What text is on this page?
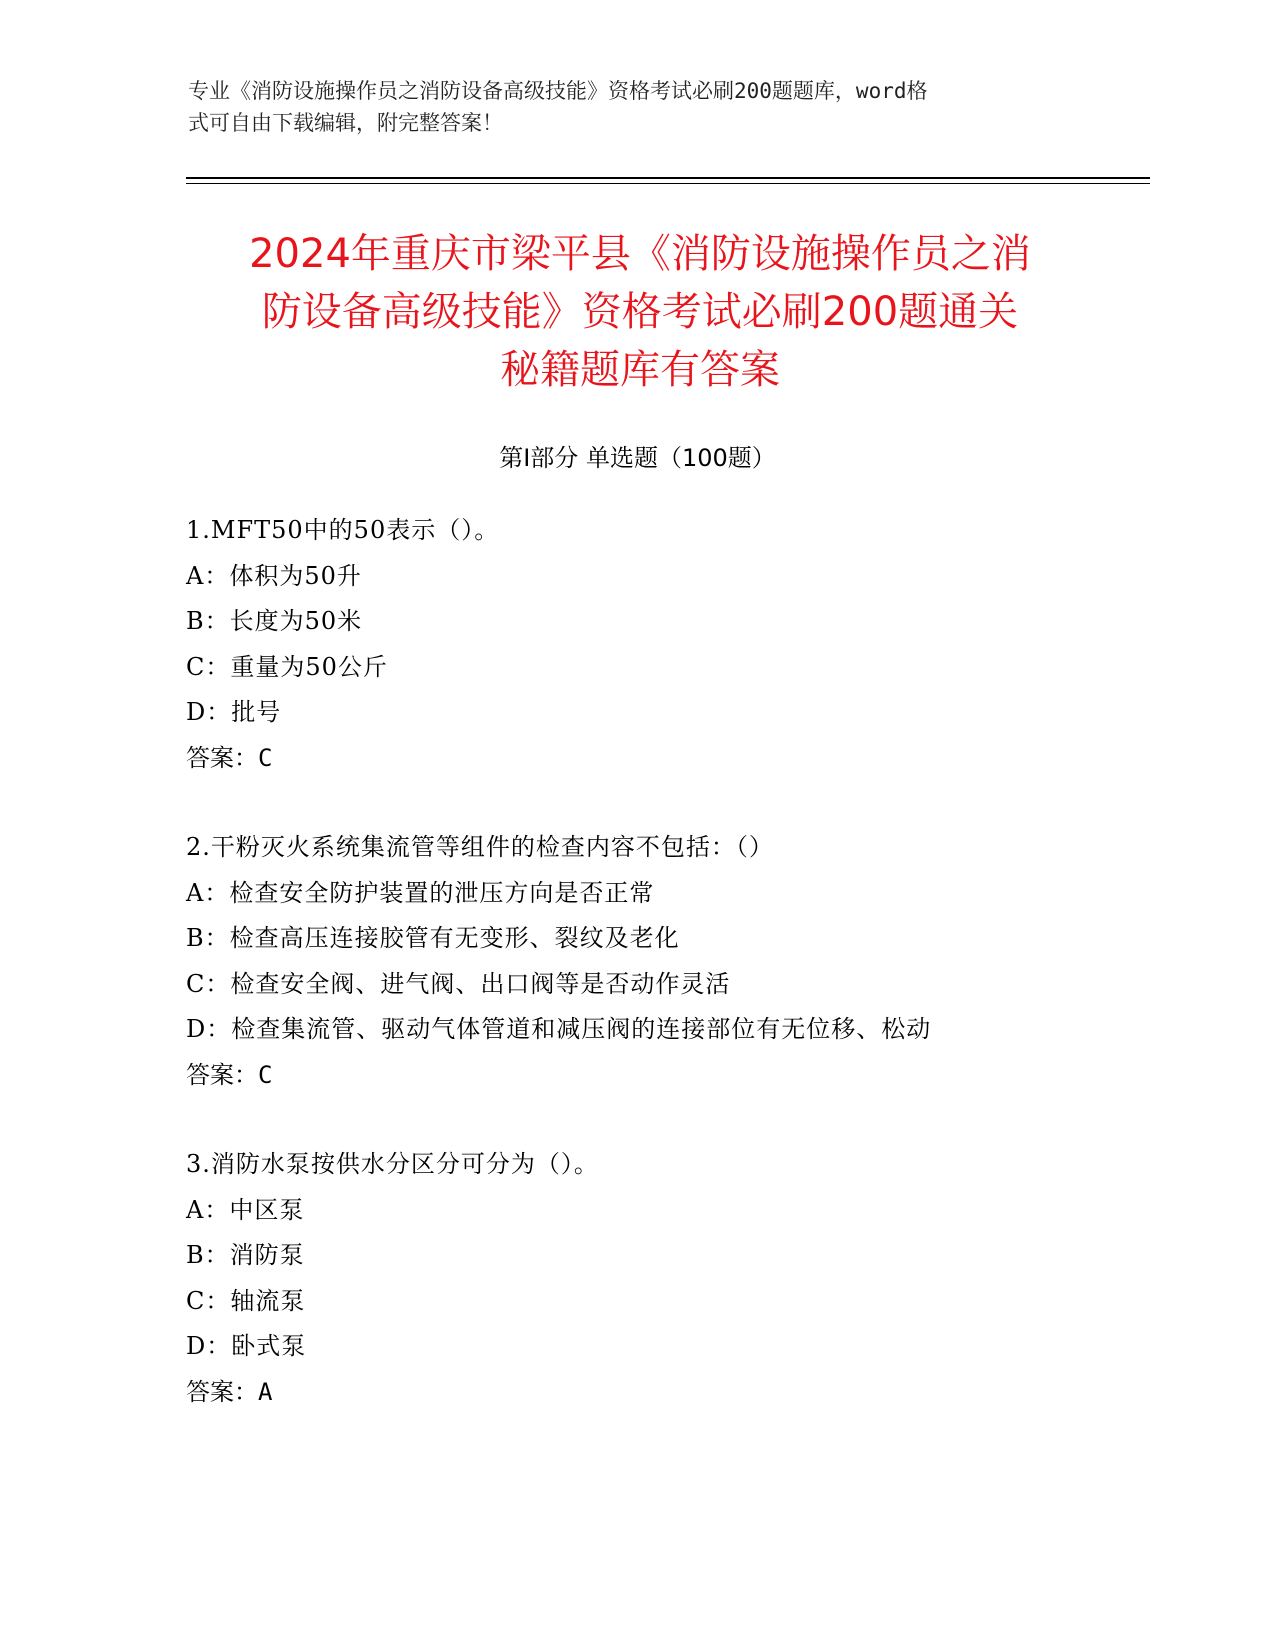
专业《消防设施操作员之消防设备高级技能》资格考试必刷200题题库，word格
式可自由下载编辑，附完整答案！
2024年重庆市梁平县《消防设施操作员之消
防设备高级技能》资格考试必刷200题通关
秘籍题库有答案
第Ⅰ部分 单选题（100题）
1.MFT50中的50表示（）。
A：体积为50升
B：长度为50米
C：重量为50公斤
D：批号
答案：C
2.干粉灭火系统集流管等组件的检查内容不包括：（）
A：检查安全防护装置的泄压方向是否正常
B：检查高压连接胶管有无变形、裂纹及老化
C：检查安全阀、进气阀、出口阀等是否动作灵活
D：检查集流管、驱动气体管道和减压阀的连接部位有无位移、松动
答案：C
3.消防水泵按供水分区分可分为（）。
A：中区泵
B：消防泵
C：轴流泵
D：卧式泵
答案：A
